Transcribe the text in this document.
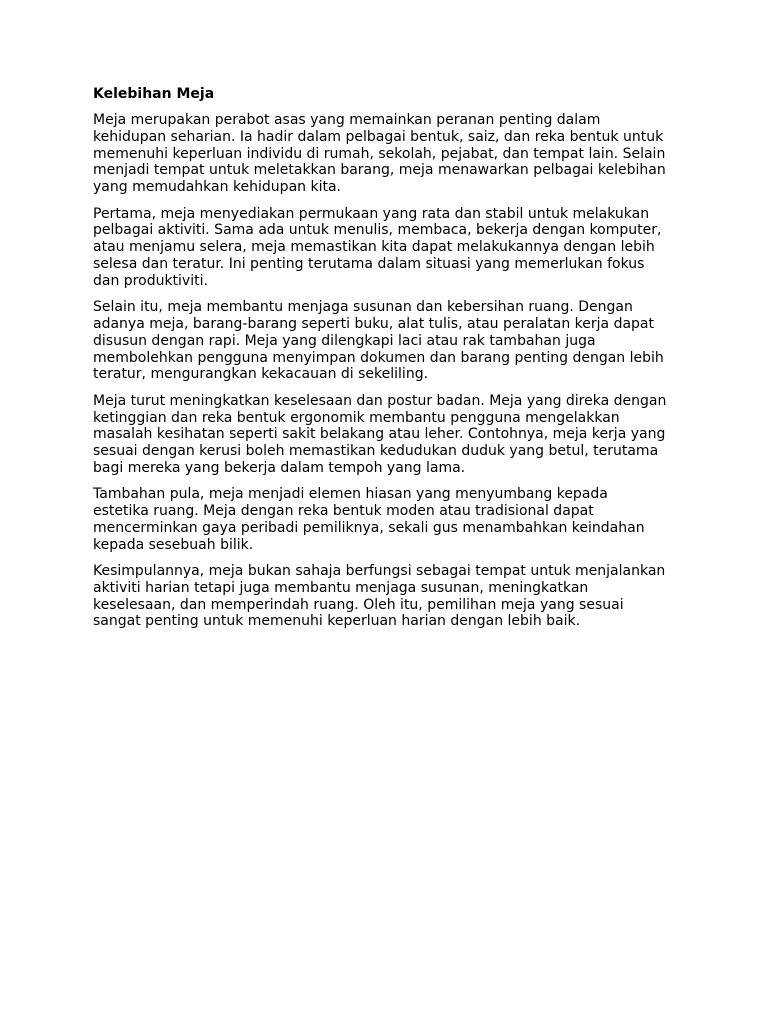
Kelebihan Meja

Meja merupakan perabot asas yang memainkan peranan penting dalam
kehidupan seharian. Ia hadir dalam pelbagai bentuk, saiz, dan reka bentuk untuk
memenuhi keperluan individu di rumah, sekolah, pejabat, dan tempat lain. Selain
menjadi tempat untuk meletakkan barang, meja menawarkan pelbagai kelebihan
yang memudahkan kehidupan kita.

Pertama, meja menyediakan permukaan yang rata dan stabil untuk melakukan
pelbagai aktiviti. Sama ada untuk menulis, membaca, bekerja dengan komputer,
atau menjamu selera, meja memastikan kita dapat melakukannya dengan lebih
selesa dan teratur. Ini penting terutama dalam situasi yang memerlukan fokus
dan produktiviti.

Selain itu, meja membantu menjaga susunan dan kebersihan ruang. Dengan
adanya meja, barang-barang seperti buku, alat tulis, atau peralatan kerja dapat
disusun dengan rapi. Meja yang dilengkapi laci atau rak tambahan juga
membolehkan pengguna menyimpan dokumen dan barang penting dengan lebih
teratur, mengurangkan kekacauan di sekeliling.

Meja turut meningkatkan keselesaan dan postur badan. Meja yang direka dengan
ketinggian dan reka bentuk ergonomik membantu pengguna mengelakkan
masalah kesihatan seperti sakit belakang atau leher. Contohnya, meja kerja yang
sesuai dengan kerusi boleh memastikan kedudukan duduk yang betul, terutama
bagi mereka yang bekerja dalam tempoh yang lama.

Tambahan pula, meja menjadi elemen hiasan yang menyumbang kepada
estetika ruang. Meja dengan reka bentuk moden atau tradisional dapat
mencerminkan gaya peribadi pemiliknya, sekali gus menambahkan keindahan
kepada sesebuah bilik.

Kesimpulannya, meja bukan sahaja berfungsi sebagai tempat untuk menjalankan
aktiviti harian tetapi juga membantu menjaga susunan, meningkatkan
keselesaan, dan memperindah ruang. Oleh itu, pemilihan meja yang sesuai
sangat penting untuk memenuhi keperluan harian dengan lebih baik.
